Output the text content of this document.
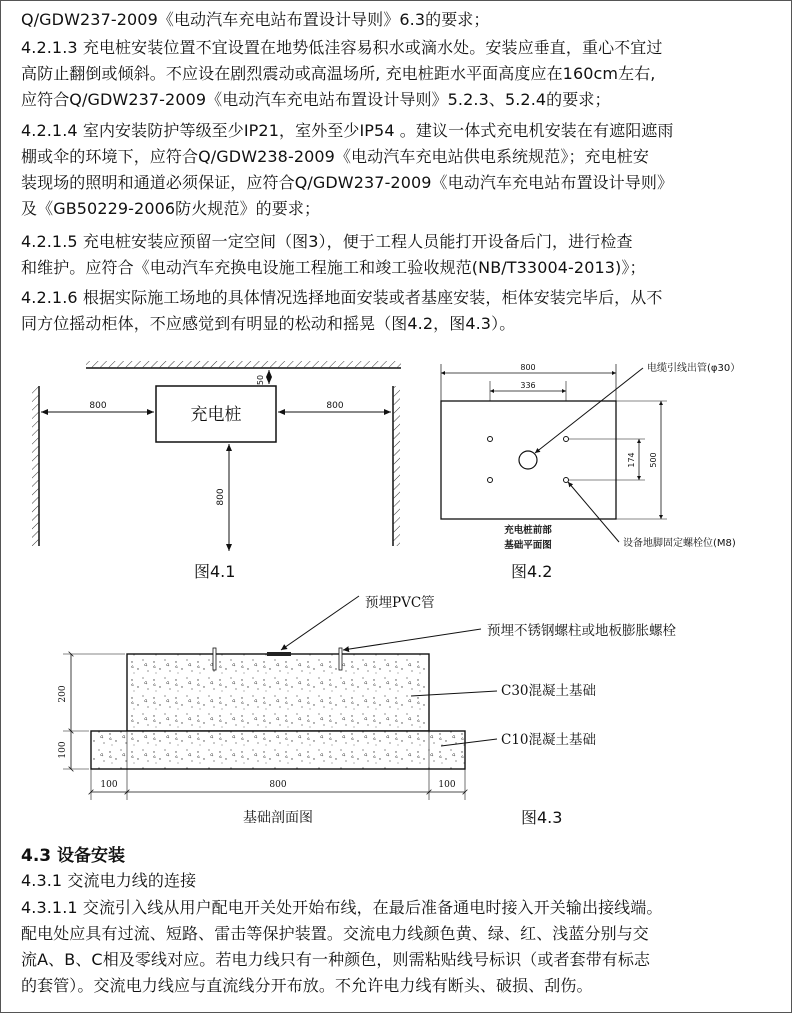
Q/GDW237-2009《电动汽车充电站布置设计导则》6.3的要求；
4.2.1.3 充电桩安装位置不宜设置在地势低洼容易积水或滴水处。安装应垂直，重心不宜过
高防止翻倒或倾斜。不应设在剧烈震动或高温场所, 充电桩距水平面高度应在160cm左右,
应符合Q/GDW237-2009《电动汽车充电站布置设计导则》5.2.3、5.2.4的要求；
4.2.1.4 室内安装防护等级至少IP21，室外至少IP54 。建议一体式充电机安装在有遮阳遮雨
棚或伞的环境下，应符合Q/GDW238-2009《电动汽车充电站供电系统规范》；充电桩安
装现场的照明和通道必须保证，应符合Q/GDW237-2009《电动汽车充电站布置设计导则》
及《GB50229-2006防火规范》的要求；
4.2.1.5 充电桩安装应预留一定空间（图3），便于工程人员能打开设备后门，进行检查
和维护。应符合《电动汽车充换电设施工程施工和竣工验收规范(NB/T33004-2013)》；
4.2.1.6 根据实际施工场地的具体情况选择地面安装或者基座安装，柜体安装完毕后，从不
同方位摇动柜体，不应感觉到有明显的松动和摇晃（图4.2，图4.3）。
充电桩
50
800	800
800
图4.1
800
336
500
174
电缆引线出管(φ30）
设备地脚固定螺栓位(M8)
充电桩前部
基础平面图
图4.2
预埋PVC管
预埋不锈钢螺柱或地板膨胀螺栓
C30混凝土基础
C10混凝土基础
200
100
100	800	100
基础剖面图	图4.3
4.3 设备安装
4.3.1 交流电力线的连接
4.3.1.1 交流引入线从用户配电开关处开始布线，在最后准备通电时接入开关输出接线端。
配电处应具有过流、短路、雷击等保护装置。交流电力线颜色黄、绿、红、浅蓝分别与交
流A、B、C相及零线对应。若电力线只有一种颜色，则需粘贴线号标识（或者套带有标志
的套管）。交流电力线应与直流线分开布放。不允许电力线有断头、破损、刮伤。
